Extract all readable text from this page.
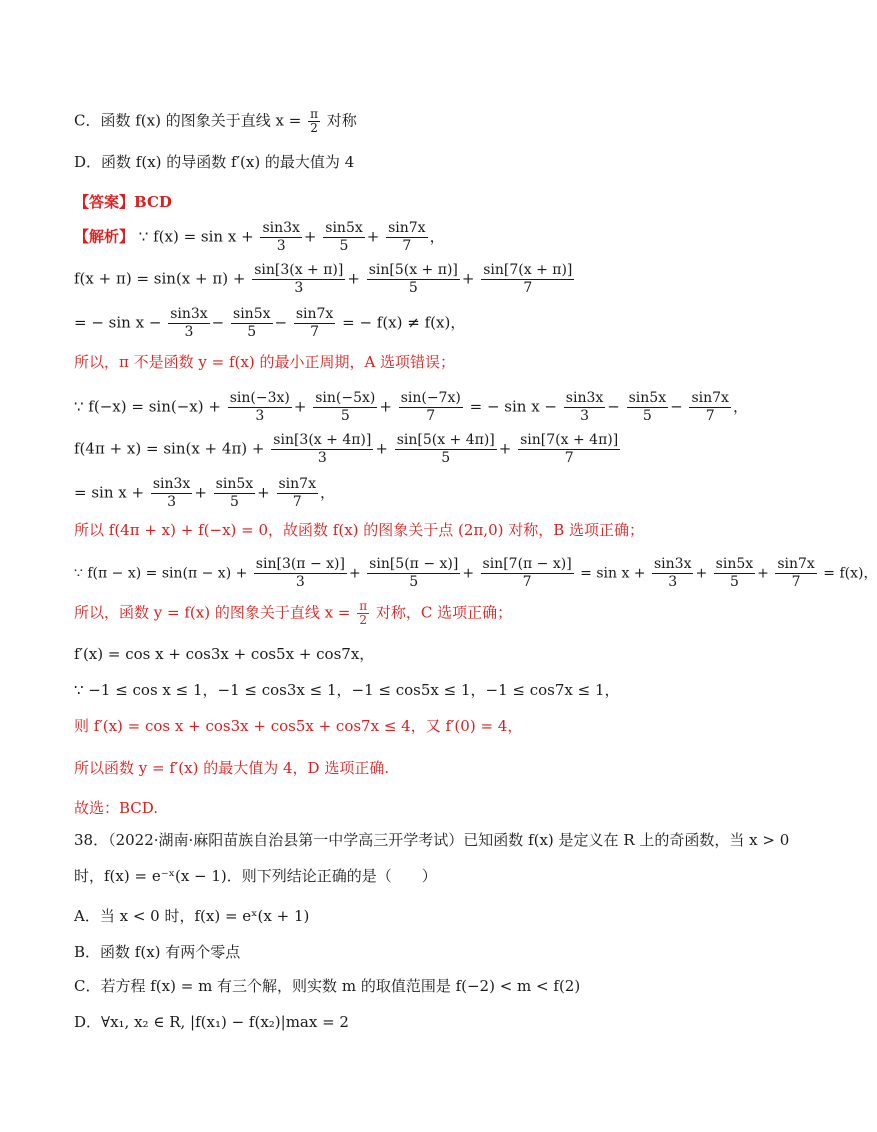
C．函数 f(x) 的图象关于直线 $x = \frac{\pi}{2}$ 对称
D．函数 f(x) 的导函数 f′(x) 的最大值为 4
【答案】BCD
【解析】 ∵ $f(x) = \sin x + \frac{\sin 3x}{3} + \frac{\sin 5x}{5} + \frac{\sin 7x}{7}$ ，
$f(x + \pi) = \sin(x + \pi) + \frac{\sin[3(x + \pi)]}{3} + \frac{\sin[5(x + \pi)]}{5} + \frac{\sin[7(x + \pi)]}{7}$
= − $\sin x - \frac{\sin 3x}{3} - \frac{\sin 5x}{5} - \frac{\sin 7x}{7}$ = − f(x) ≠ f(x)，
所以，π 不是函数 y = f(x) 的最小正周期，A 选项错误；
∵ $f(-x) = \sin(-x) + \frac{\sin(-3x)}{3} + \frac{\sin(-5x)}{5} + \frac{\sin(-7x)}{7}$ = − $\sin x - \frac{\sin 3x}{3} - \frac{\sin 5x}{5} - \frac{\sin 7x}{7}$ ，
$f(4\pi + x) = \sin(x + 4\pi) + \frac{\sin[3(x + 4\pi)]}{3} + \frac{\sin[5(x + 4\pi)]}{5} + \frac{\sin[7(x + 4\pi)]}{7}$
= $\sin x + \frac{\sin 3x}{3} + \frac{\sin 5x}{5} + \frac{\sin 7x}{7}$ ，
所以 f(4π + x) + f(−x) = 0，故函数 f(x) 的图象关于点 (2π,0) 对称，B 选项正确；
∵ $f(\pi - x) = \sin(\pi - x) + \frac{\sin[3(\pi - x)]}{3} + \frac{\sin[5(\pi - x)]}{5} + \frac{\sin[7(\pi - x)]}{7} = \sin x + \frac{\sin 3x}{3} + \frac{\sin 5x}{5} + \frac{\sin 7x}{7} = f(x)$，
所以，函数 y = f(x) 的图象关于直线 $x = \frac{\pi}{2}$ 对称，C 选项正确；
f′(x) = cos x + cos3x + cos5x + cos7x，
∵ −1 ≤ cos x ≤ 1，−1 ≤ cos3x ≤ 1，−1 ≤ cos5x ≤ 1，−1 ≤ cos7x ≤ 1，
则 f′(x) = cos x + cos3x + cos5x + cos7x ≤ 4，又 f′(0) = 4，
所以函数 y = f′(x) 的最大值为 4，D 选项正确.
故选：BCD.
38．（2022·湖南·麻阳苗族自治县第一中学高三开学考试）已知函数 f(x) 是定义在 R 上的奇函数，当 x > 0
时，f(x) = e⁻ˣ(x − 1)．则下列结论正确的是（　　）
A．当 x < 0 时，f(x) = eˣ(x + 1)
B．函数 f(x) 有两个零点
C．若方程 f(x) = m 有三个解，则实数 m 的取值范围是 f(−2) < m < f(2)
D．∀x₁, x₂ ∈ R, |f(x₁) − f(x₂)|max = 2
